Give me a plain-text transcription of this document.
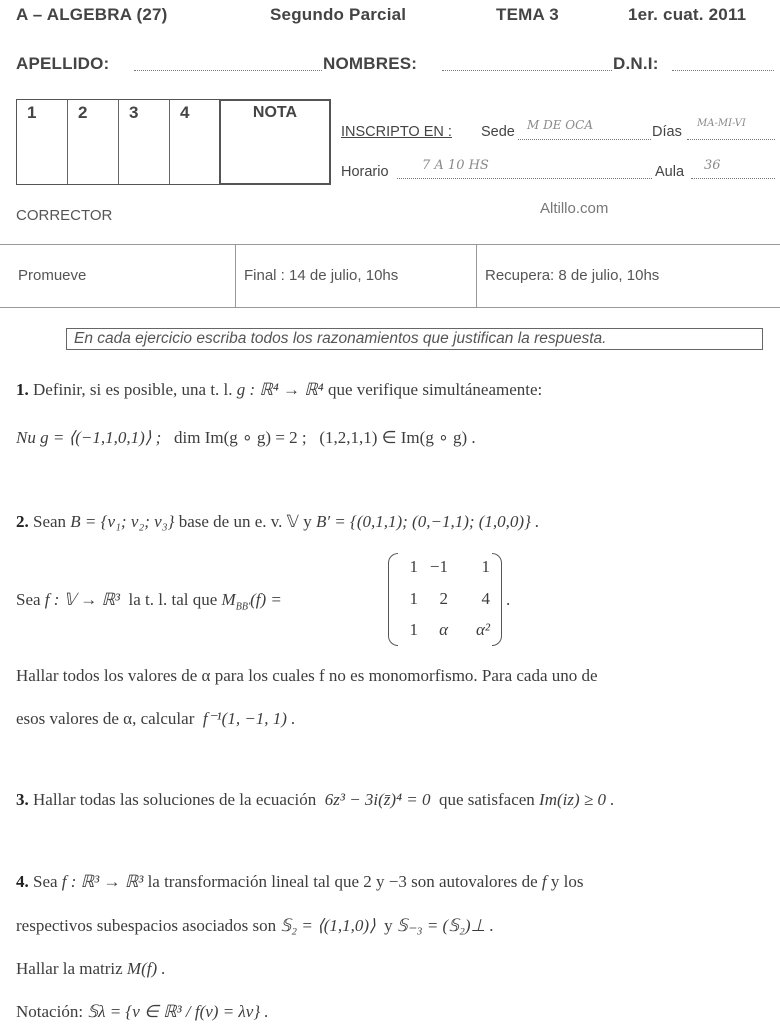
A – ALGEBRA (27)	Segundo Parcial	TEMA 3	1er. cuat. 2011
APELLIDO:	NOMBRES:	D.N.I:
1	2	3	4	NOTA
INSCRIPTO EN : Sede M DE OCA	Días
MA-MI-VI
Horario	7 A 10 HS	Aula 36
CORRECTOR	Altillo.com
Promueve	Final : 14 de julio, 10hs	Recupera: 8 de julio, 10hs
En cada ejercicio escriba todos los razonamientos que justifican la respuesta.
1. Definir, si es posible, una t. l. g : ℝ⁴ → ℝ⁴ que verifique simultáneamente:
Nu g = ⟨(−1,1,0,1)⟩ ; dim Im(g ∘ g) = 2 ; (1,2,1,1) ∈ Im(g ∘ g) .
2. Sean B = {v₁; v₂; v₃} base de un e. v. 𝕍 y B′ = {(0,1,1); (0,−1,1); (1,0,0)} .
Sea f : 𝕍 → ℝ³ la t. l. tal que $M_{BB'}(f)$ =
1 −1	1
1	2	4
1	α	α²
.
Hallar todos los valores de α para los cuales f no es monomorfismo. Para cada uno de
esos valores de α, calcular f⁻¹(1, −1, 1) .
3. Hallar todas las soluciones de la ecuación 6z³ − 3i(z̄)⁴ = 0 que satisfacen Im(iz) ≥ 0 .
4. Sea f : ℝ³ → ℝ³ la transformación lineal tal que 2 y −3 son autovalores de f y los
respectivos subespacios asociados son 𝕊₂ = ⟨(1,1,0)⟩ y 𝕊₋₃ = (𝕊₂)⊥ .
Hallar la matriz M(f) .
Notación: 𝕊λ = {v ∈ ℝ³ / f(v) = λv} .
